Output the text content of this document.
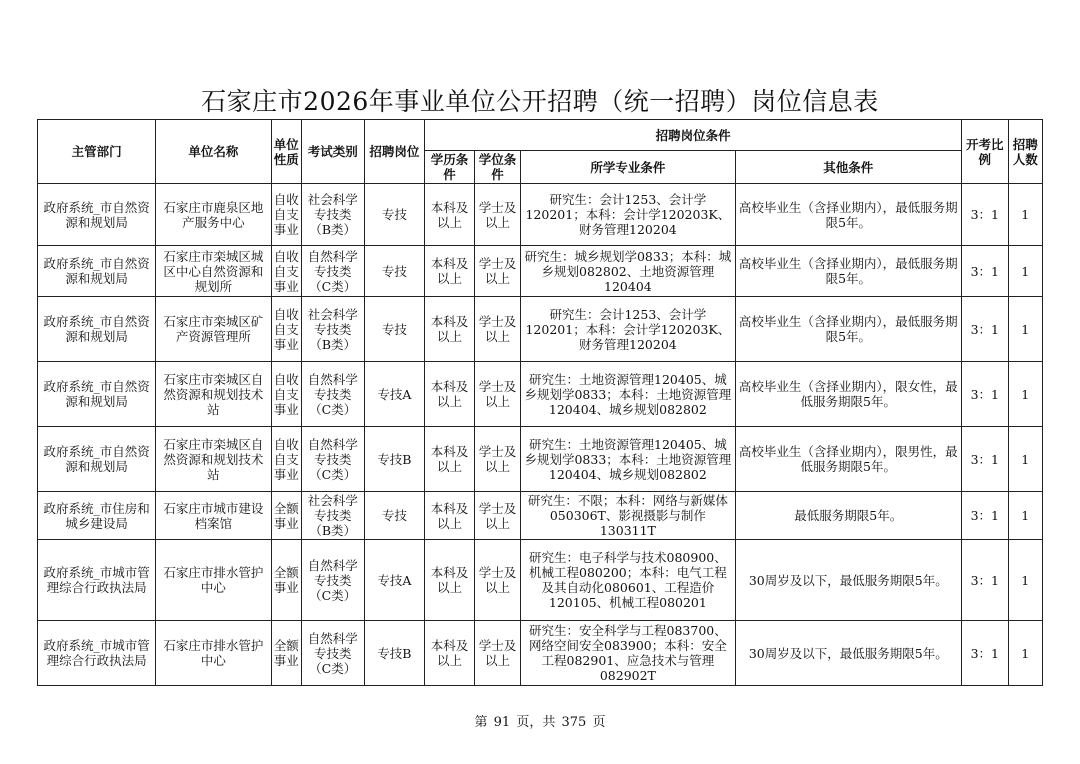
石家庄市2026年事业单位公开招聘（统一招聘）岗位信息表
主管部门	单位名称	单位性质	考试类别	招聘岗位	招聘岗位条件				开考比例	招聘人数
					学历条件	学位条件	所学专业条件	其他条件		
政府系统_市自然资源和规划局	石家庄市鹿泉区地产服务中心	自收自支事业	社会科学专技类（B类）	专技	本科及以上	学士及以上	研究生：会计1253、会计学120201；本科：会计学120203K、财务管理120204	高校毕业生（含择业期内），最低服务期限5年。	3：1	1
政府系统_市自然资源和规划局	石家庄市栾城区城区中心自然资源和规划所	自收自支事业	自然科学专技类（C类）	专技	本科及以上	学士及以上	研究生：城乡规划学0833；本科：城乡规划082802、土地资源管理120404	高校毕业生（含择业期内），最低服务期限5年。	3：1	1
政府系统_市自然资源和规划局	石家庄市栾城区矿产资源管理所	自收自支事业	社会科学专技类（B类）	专技	本科及以上	学士及以上	研究生：会计1253、会计学120201；本科：会计学120203K、财务管理120204	高校毕业生（含择业期内），最低服务期限5年。	3：1	1
政府系统_市自然资源和规划局	石家庄市栾城区自然资源和规划技术站	自收自支事业	自然科学专技类（C类）	专技A	本科及以上	学士及以上	研究生：土地资源管理120405、城乡规划学0833；本科：土地资源管理120404、城乡规划082802	高校毕业生（含择业期内），限女性，最低服务期限5年。	3：1	1
政府系统_市自然资源和规划局	石家庄市栾城区自然资源和规划技术站	自收自支事业	自然科学专技类（C类）	专技B	本科及以上	学士及以上	研究生：土地资源管理120405、城乡规划学0833；本科：土地资源管理120404、城乡规划082802	高校毕业生（含择业期内），限男性，最低服务期限5年。	3：1	1
政府系统_市住房和城乡建设局	石家庄市城市建设档案馆	全额事业	社会科学专技类（B类）	专技	本科及以上	学士及以上	研究生：不限；本科：网络与新媒体050306T、影视摄影与制作130311T	最低服务期限5年。	3：1	1
政府系统_市城市管理综合行政执法局	石家庄市排水管护中心	全额事业	自然科学专技类（C类）	专技A	本科及以上	学士及以上	研究生：电子科学与技术080900、机械工程080200；本科：电气工程及其自动化080601、工程造价120105、机械工程080201	30周岁及以下，最低服务期限5年。	3：1	1
政府系统_市城市管理综合行政执法局	石家庄市排水管护中心	全额事业	自然科学专技类（C类）	专技B	本科及以上	学士及以上	研究生：安全科学与工程083700、网络空间安全083900；本科：安全工程082901、应急技术与管理082902T	30周岁及以下，最低服务期限5年。	3：1	1
第 91 页，共 375 页
